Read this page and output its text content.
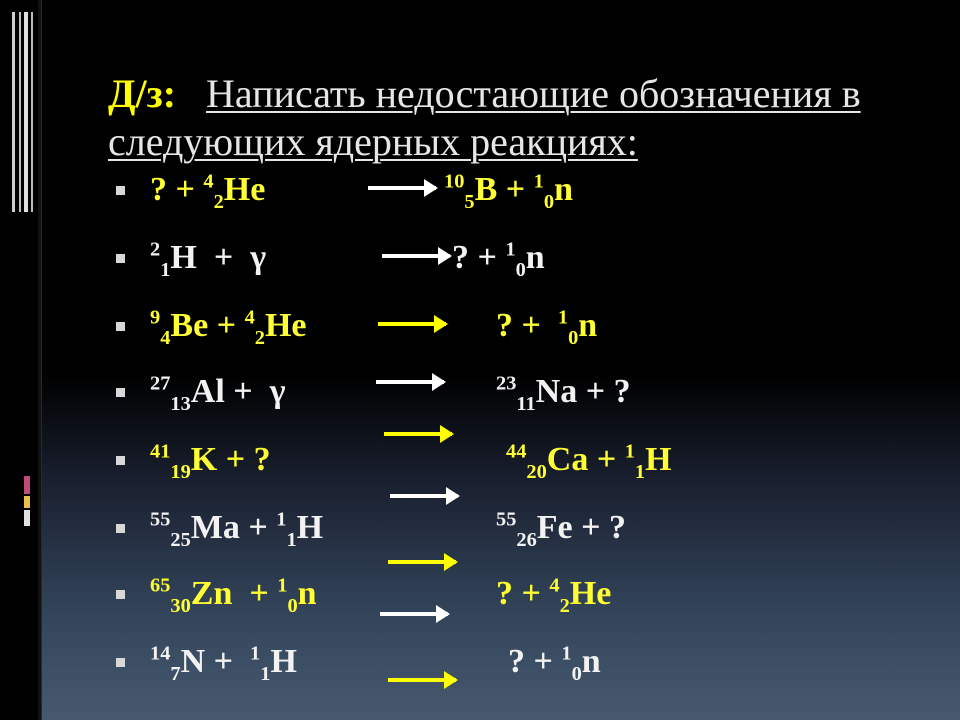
Д/з: Написать недостающие обозначения в
следующих ядерных реакциях:
? + $^4_2$He	$^{10}_5$B + $^1_0$n
$^2_1$H  +  γ	? + $^1_0$n
$^9_4$Be + $^4_2$He	? +  $^1_0$n
$^{27}_{13}$Al +  γ	$^{23}_{11}$Na + ?
$^{41}_{19}$K + ?	$^{44}_{20}$Ca + $^1_1$H
$^{55}_{25}$Ma + $^1_1$H	$^{55}_{26}$Fe + ?
$^{65}_{30}$Zn  + $^1_0$n	? + $^4_2$He
$^{14}_7$N +  $^1_1$H	? + $^1_0$n
